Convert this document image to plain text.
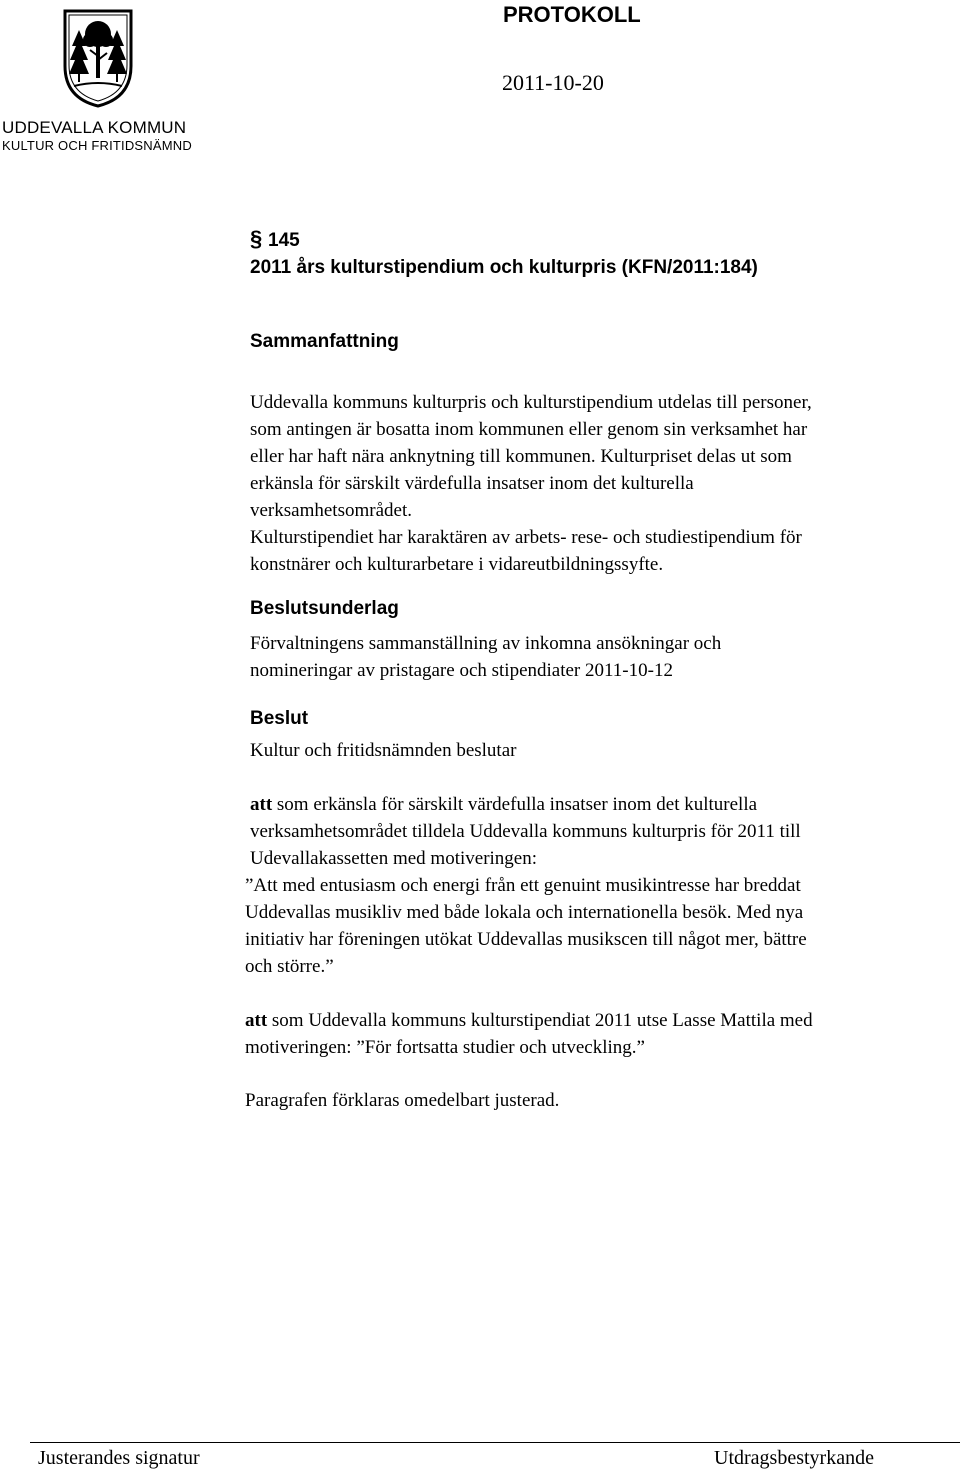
UDDEVALLA KOMMUN
KULTUR OCH FRITIDSNÄMND
PROTOKOLL
2011-10-20
§ 145
2011 års kulturstipendium och kulturpris (KFN/2011:184)
Sammanfattning
Uddevalla kommuns kulturpris och kulturstipendium utdelas till personer,
som antingen är bosatta inom kommunen eller genom sin verksamhet har
eller har haft nära anknytning till kommunen. Kulturpriset delas ut som
erkänsla för särskilt värdefulla insatser inom det kulturella
verksamhetsområdet.
Kulturstipendiet har karaktären av arbets- rese- och studiestipendium för
konstnärer och kulturarbetare i vidareutbildningssyfte.
Beslutsunderlag
Förvaltningens sammanställning av inkomna ansökningar och
nomineringar av pristagare och stipendiater 2011-10-12
Beslut
Kultur och fritidsnämnden beslutar
att som erkänsla för särskilt värdefulla insatser inom det kulturella
verksamhetsområdet tilldela Uddevalla kommuns kulturpris för 2011 till
Udevallakassetten med motiveringen:
”Att med entusiasm och energi från ett genuint musikintresse har breddat
Uddevallas musikliv med både lokala och internationella besök. Med nya
initiativ har föreningen utökat Uddevallas musikscen till något mer, bättre
och större.”
att som Uddevalla kommuns kulturstipendiat 2011 utse Lasse Mattila med
motiveringen: ”För fortsatta studier och utveckling.”
Paragrafen förklaras omedelbart justerad.
Justerandes signatur	Utdragsbestyrkande
